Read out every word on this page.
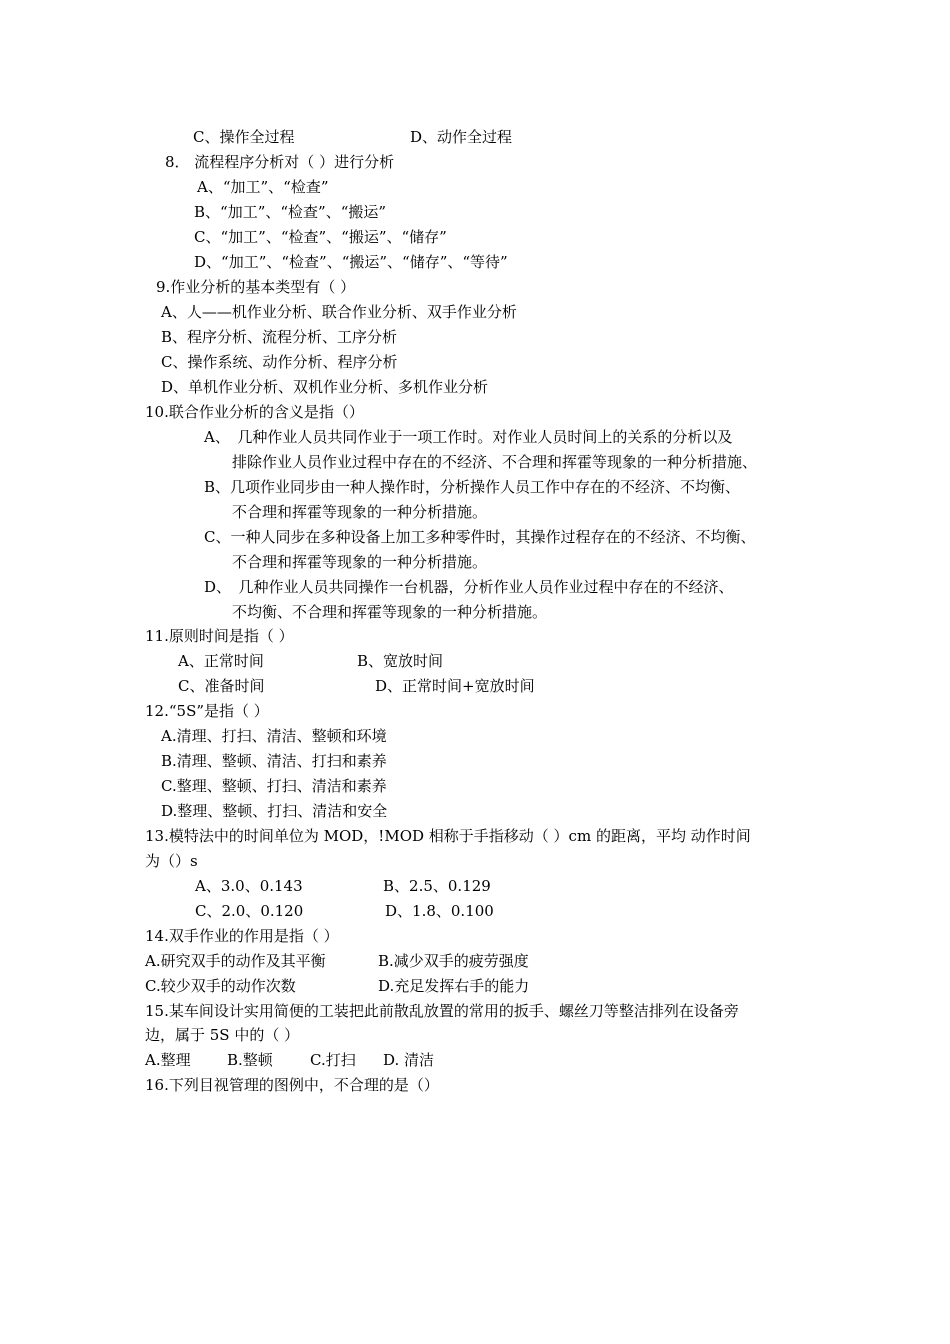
C、操作全过程	D、动作全过程
8． 流程程序分析对（ ）进行分析
A、“加工”、“检查”
B、“加工”、“检查”、“搬运”
C、“加工”、“检查”、“搬运”、“储存”
D、“加工”、“检查”、“搬运”、“储存”、“等待”
9.作业分析的基本类型有（ ）
A、人——机作业分析、联合作业分析、双手作业分析
B、程序分析、流程分析、工序分析
C、操作系统、动作分析、程序分析
D、单机作业分析、双机作业分析、多机作业分析
10.联合作业分析的含义是指（）
A、　几种作业人员共同作业于一项工作时。对作业人员时间上的关系的分析以及
排除作业人员作业过程中存在的不经济、不合理和挥霍等现象的一种分析措施、
B、几项作业同步由一种人操作时，分析操作人员工作中存在的不经济、不均衡、
不合理和挥霍等现象的一种分析措施。
C、一种人同步在多种设备上加工多种零件时，其操作过程存在的不经济、不均衡、
不合理和挥霍等现象的一种分析措施。
D、　几种作业人员共同操作一台机器，分析作业人员作业过程中存在的不经济、
不均衡、不合理和挥霍等现象的一种分析措施。
11.原则时间是指（ ）
A、正常时间	B、宽放时间
C、准备时间	D、正常时间+宽放时间
12.“5S”是指（ ）
A.清理、打扫、清洁、整顿和环境
B.清理、整顿、清洁、打扫和素养
C.整理、整顿、打扫、清洁和素养
D.整理、整顿、打扫、清洁和安全
13.模特法中的时间单位为 MOD，!MOD 相称于手指移动（ ）cm 的距离，平均 动作时间
为（）s
A、3.0、0.143	B、2.5、0.129
C、2.0、0.120	D、1.8、0.100
14.双手作业的作用是指（ ）
A.研究双手的动作及其平衡	B.减少双手的疲劳强度
C.较少双手的动作次数	D.充足发挥右手的能力
15.某车间设计实用简便的工装把此前散乱放置的常用的扳手、螺丝刀等整洁排列在设备旁
边，属于 5S 中的（ ）
A.整理 B.整顿 C.打扫 D. 清洁
16.下列目视管理的图例中，不合理的是（）
